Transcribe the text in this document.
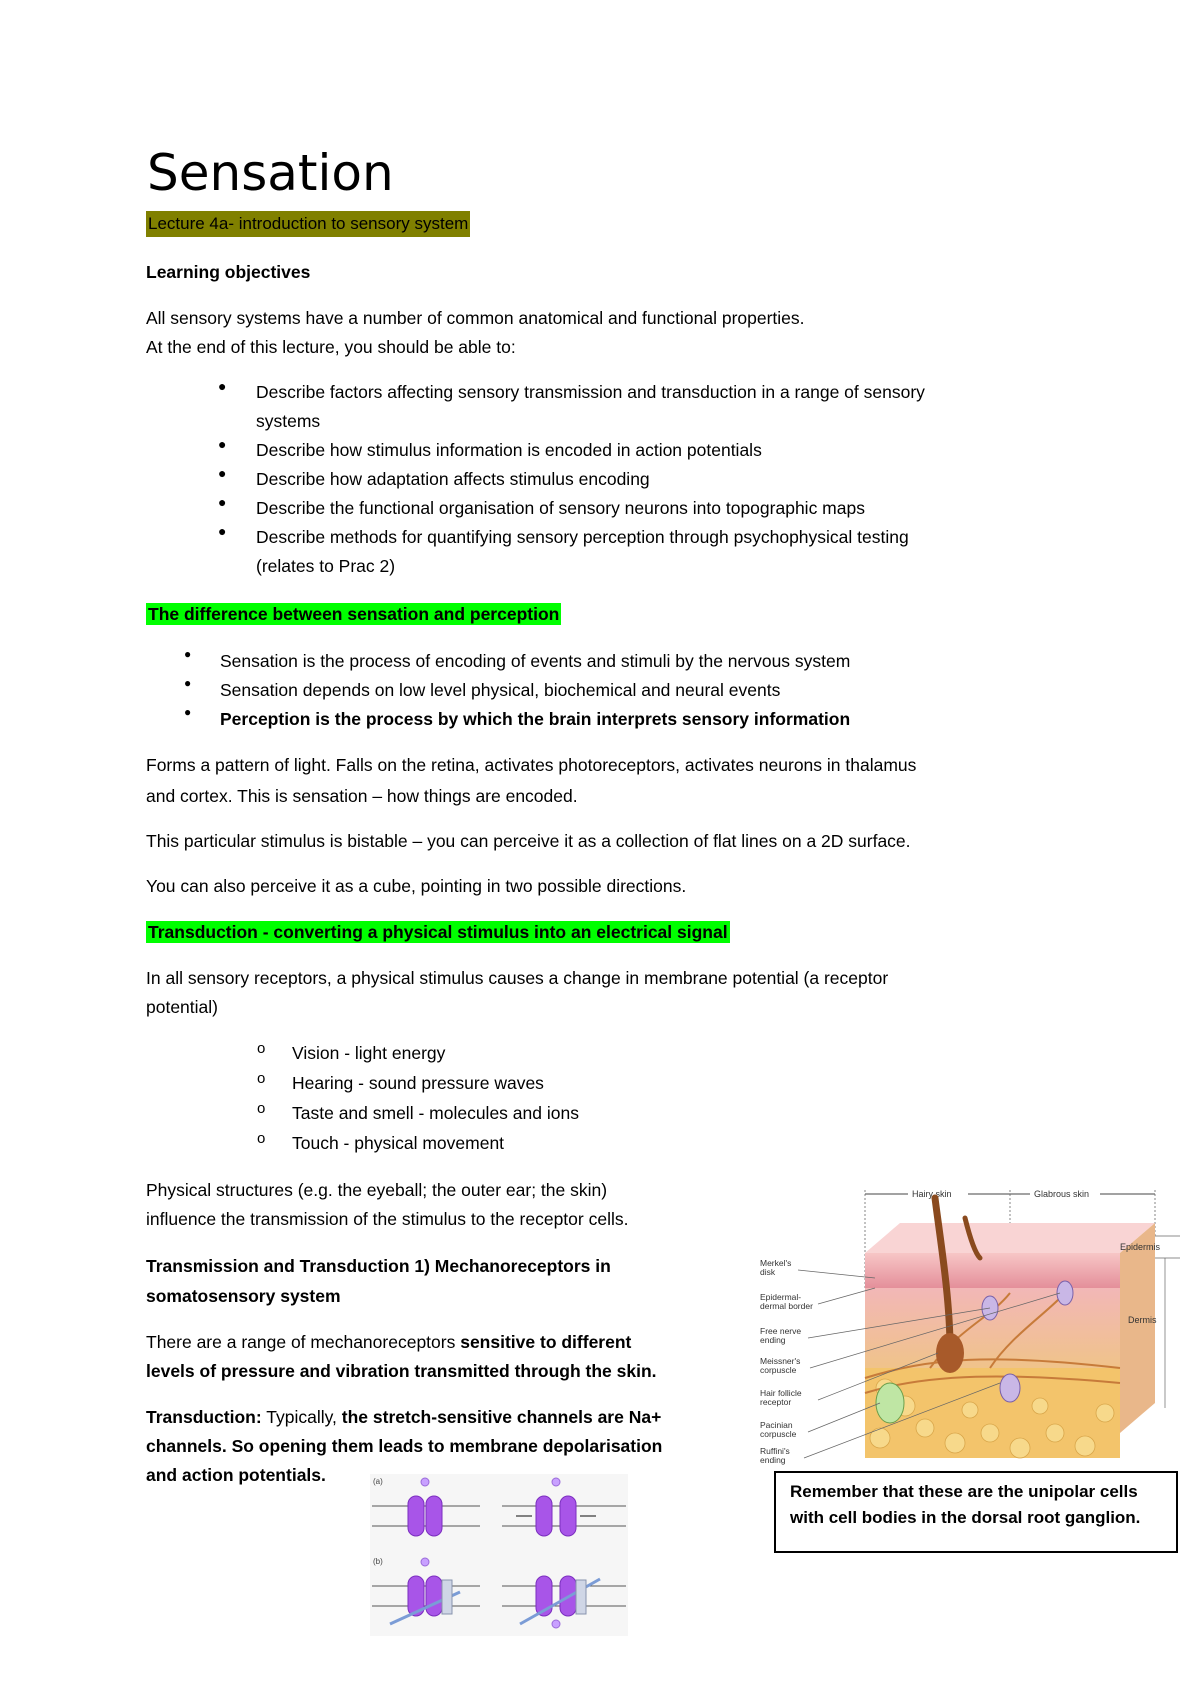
Sensation
Lecture 4a- introduction to sensory system
Learning objectives
All sensory systems have a number of common anatomical and functional properties.
At the end of this lecture, you should be able to:
● Describe factors affecting sensory transmission and transduction in a range of sensory
systems
● Describe how stimulus information is encoded in action potentials
● Describe how adaptation affects stimulus encoding
● Describe the functional organisation of sensory neurons into topographic maps
● Describe methods for quantifying sensory perception through psychophysical testing
(relates to Prac 2)
The difference between sensation and perception
● Sensation is the process of encoding of events and stimuli by the nervous system
● Sensation depends on low level physical, biochemical and neural events
● Perception is the process by which the brain interprets sensory information
Forms a pattern of light. Falls on the retina, activates photoreceptors, activates neurons in thalamus
and cortex. This is sensation – how things are encoded.
This particular stimulus is bistable – you can perceive it as a collection of flat lines on a 2D surface.
You can also perceive it as a cube, pointing in two possible directions.
Transduction - converting a physical stimulus into an electrical signal
In all sensory receptors, a physical stimulus causes a change in membrane potential (a receptor
potential)
o Vision - light energy
o Hearing - sound pressure waves
o Taste and smell - molecules and ions
o Touch - physical movement
Physical structures (e.g. the eyeball; the outer ear; the skin)
influence the transmission of the stimulus to the receptor cells.
Transmission and Transduction 1) Mechanoreceptors in
somatosensory system
There are a range of mechanoreceptors sensitive to different
levels of pressure and vibration transmitted through the skin.
Transduction: Typically, the stretch-sensitive channels are Na+
channels. So opening them leads to membrane depolarisation
and action potentials.
Hairy skin	Glabrous skin
Merkel's
disk
Epidermal-
dermal border
Free nerve
ending
Meissner's
corpuscle
Hair follicle
receptor
Pacinian
corpuscle
Ruffini's
ending
Epidermis
Dermis
Remember that these are the unipolar cells
with cell bodies in the dorsal root ganglion.
(a)
(b)
